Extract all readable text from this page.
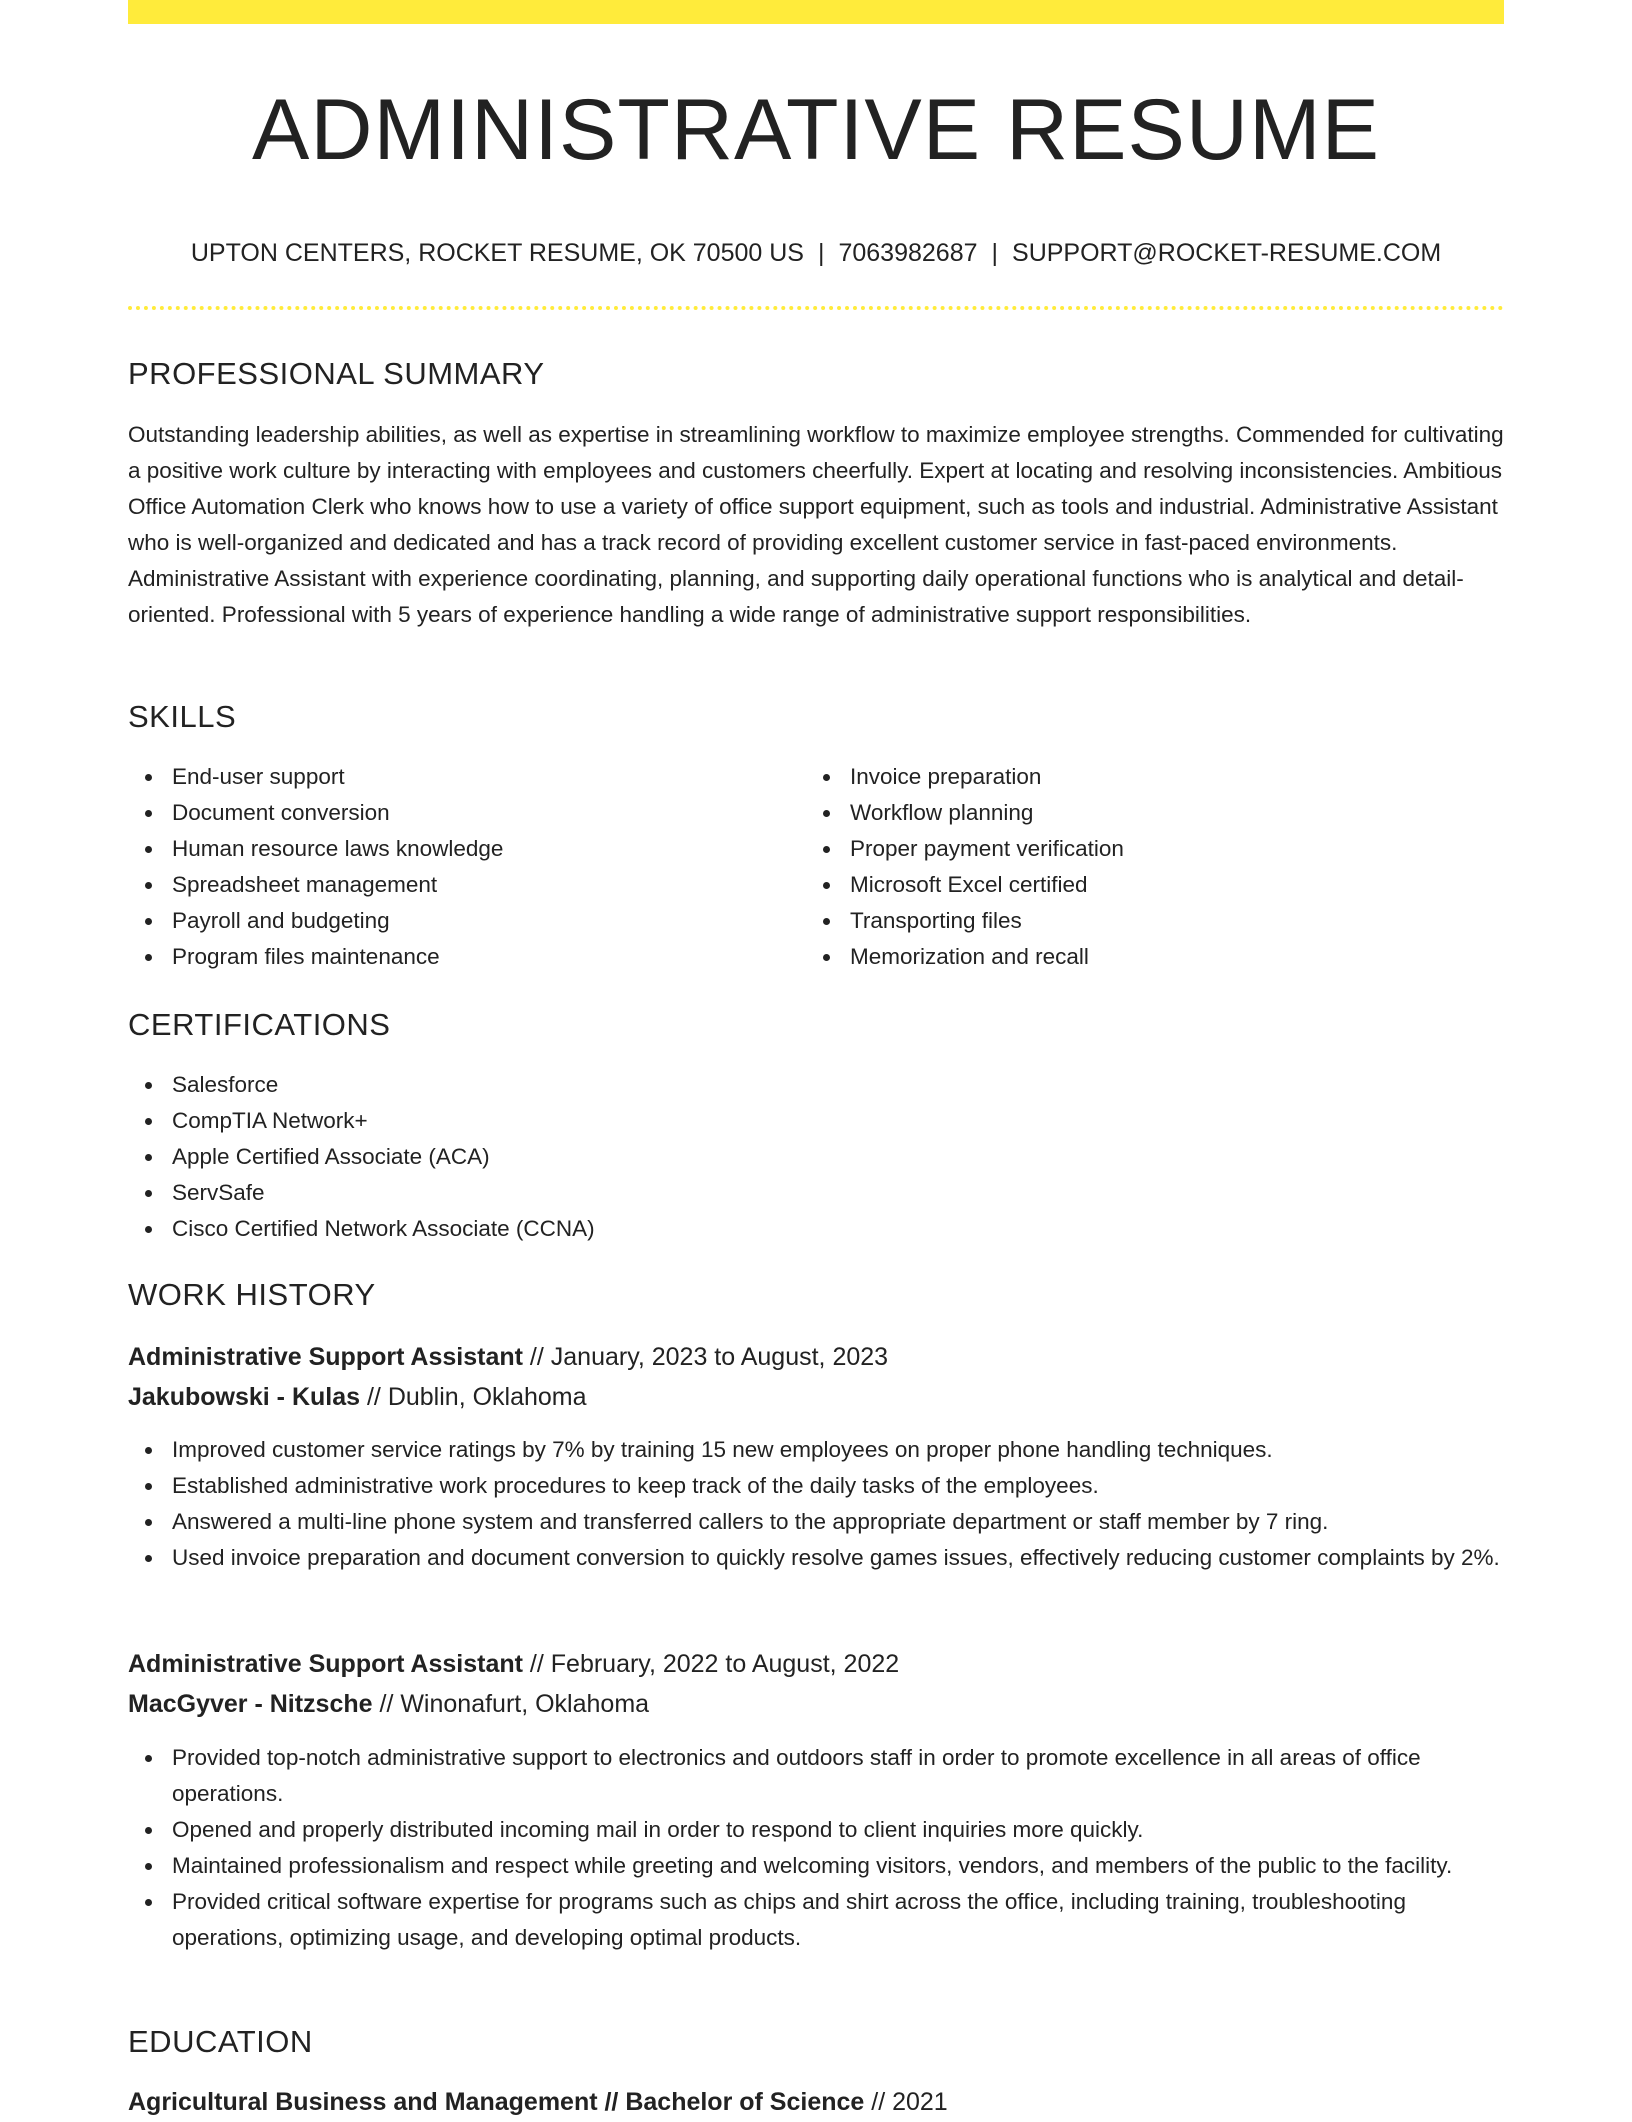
ADMINISTRATIVE RESUME
UPTON CENTERS, ROCKET RESUME, OK 70500 US | 7063982687 | SUPPORT@ROCKET-RESUME.COM
PROFESSIONAL SUMMARY

Outstanding leadership abilities, as well as expertise in streamlining workflow to maximize employee strengths. Commended for cultivating a positive work culture by interacting with employees and customers cheerfully. Expert at locating and resolving inconsistencies. Ambitious Office Automation Clerk who knows how to use a variety of office support equipment, such as tools and industrial. Administrative Assistant who is well-organized and dedicated and has a track record of providing excellent customer service in fast-paced environments. Administrative Assistant with experience coordinating, planning, and supporting daily operational functions who is analytical and detail-oriented. Professional with 5 years of experience handling a wide range of administrative support responsibilities.

SKILLS
End-user support
Document conversion
Human resource laws knowledge
Spreadsheet management
Payroll and budgeting
Program files maintenance
Invoice preparation
Workflow planning
Proper payment verification
Microsoft Excel certified
Transporting files
Memorization and recall
CERTIFICATIONS
Salesforce
CompTIA Network+
Apple Certified Associate (ACA)
ServSafe
Cisco Certified Network Associate (CCNA)
WORK HISTORY
Administrative Support Assistant // January, 2023 to August, 2023
Jakubowski - Kulas // Dublin, Oklahoma
Improved customer service ratings by 7% by training 15 new employees on proper phone handling techniques.
Established administrative work procedures to keep track of the daily tasks of the employees.
Answered a multi-line phone system and transferred callers to the appropriate department or staff member by 7 ring.
Used invoice preparation and document conversion to quickly resolve games issues, effectively reducing customer complaints by 2%.
Administrative Support Assistant // February, 2022 to August, 2022
MacGyver - Nitzsche // Winonafurt, Oklahoma
Provided top-notch administrative support to electronics and outdoors staff in order to promote excellence in all areas of office operations.
Opened and properly distributed incoming mail in order to respond to client inquiries more quickly.
Maintained professionalism and respect while greeting and welcoming visitors, vendors, and members of the public to the facility.
Provided critical software expertise for programs such as chips and shirt across the office, including training, troubleshooting operations, optimizing usage, and developing optimal products.
EDUCATION
Agricultural Business and Management // Bachelor of Science // 2021
